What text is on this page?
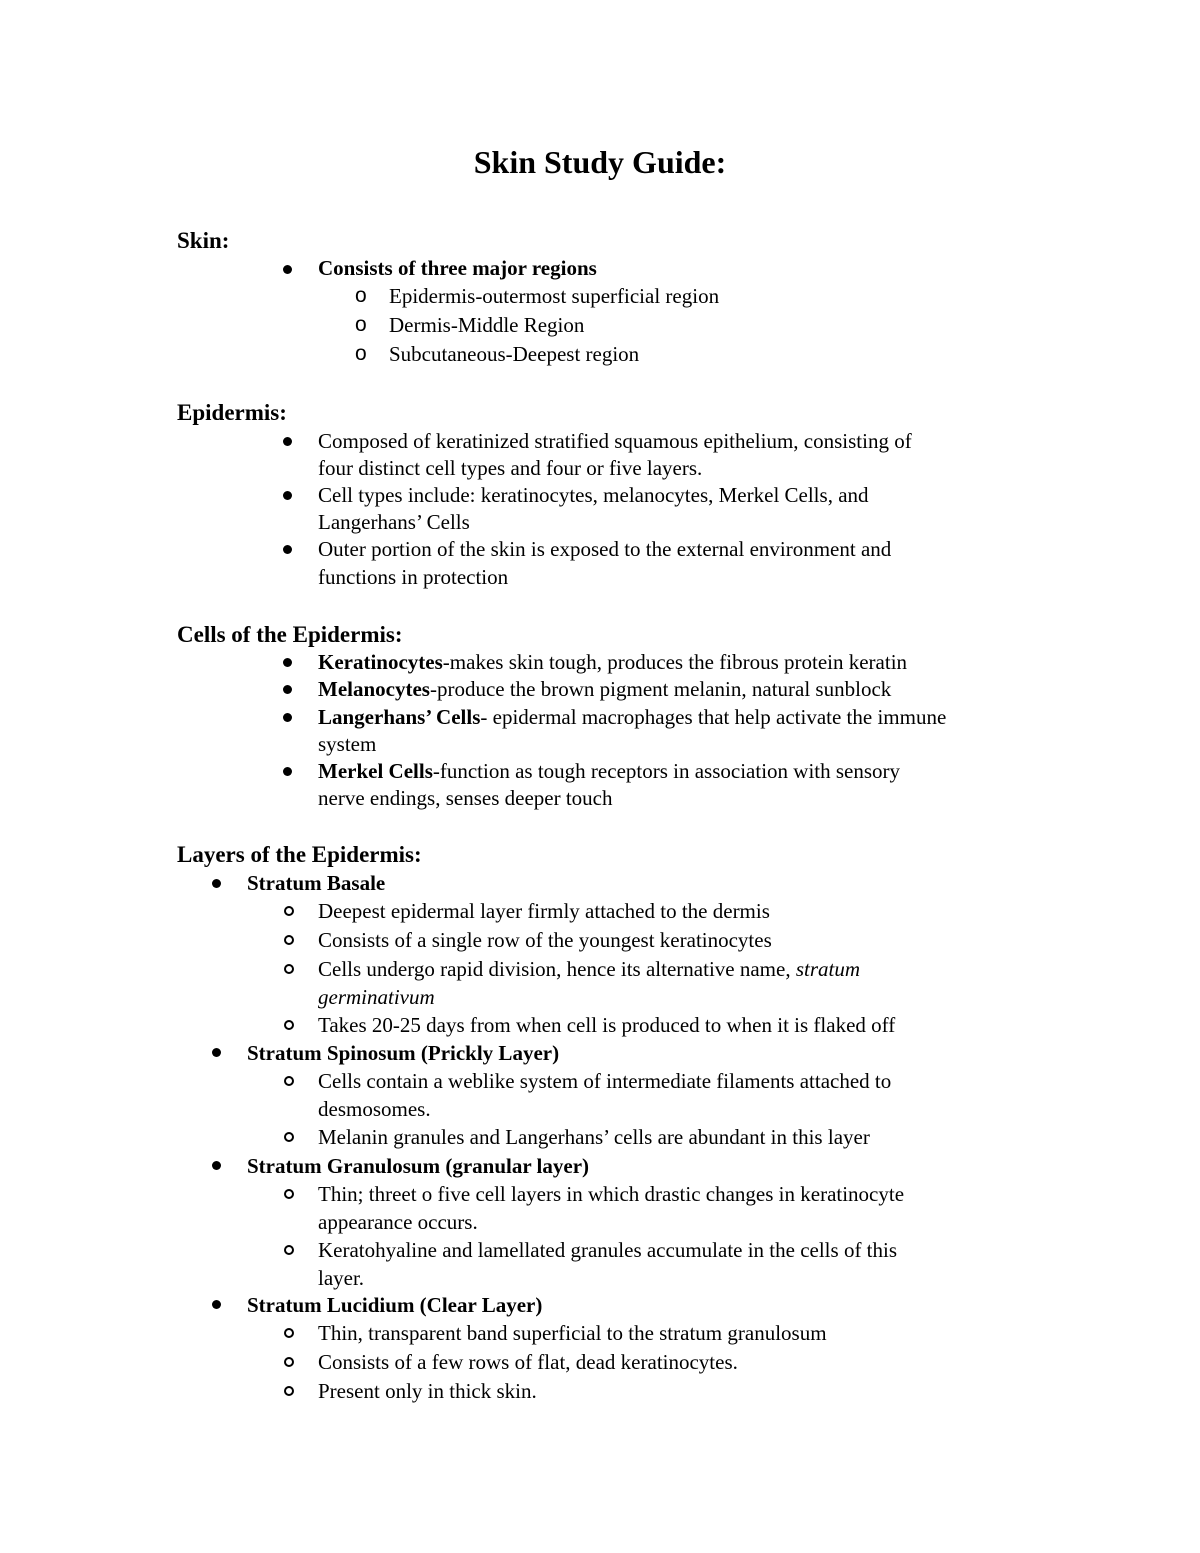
Skin Study Guide:
Skin:
Consists of three major regions
o Epidermis-outermost superficial region
o Dermis-Middle Region
o Subcutaneous-Deepest region
Epidermis:
Composed of keratinized stratified squamous epithelium, consisting of
four distinct cell types and four or five layers.
Cell types include: keratinocytes, melanocytes, Merkel Cells, and
Langerhans’ Cells
Outer portion of the skin is exposed to the external environment and
functions in protection
Cells of the Epidermis:
Keratinocytes-makes skin tough, produces the fibrous protein keratin
Melanocytes-produce the brown pigment melanin, natural sunblock
Langerhans’ Cells- epidermal macrophages that help activate the immune
system
Merkel Cells-function as tough receptors in association with sensory
nerve endings, senses deeper touch
Layers of the Epidermis:
Stratum Basale
Deepest epidermal layer firmly attached to the dermis
Consists of a single row of the youngest keratinocytes
Cells undergo rapid division, hence its alternative name, stratum
germinativum
Takes 20-25 days from when cell is produced to when it is flaked off
Stratum Spinosum (Prickly Layer)
Cells contain a weblike system of intermediate filaments attached to
desmosomes.
Melanin granules and Langerhans’ cells are abundant in this layer
Stratum Granulosum (granular layer)
Thin; threet o five cell layers in which drastic changes in keratinocyte
appearance occurs.
Keratohyaline and lamellated granules accumulate in the cells of this
layer.
Stratum Lucidium (Clear Layer)
Thin, transparent band superficial to the stratum granulosum
Consists of a few rows of flat, dead keratinocytes.
Present only in thick skin.
